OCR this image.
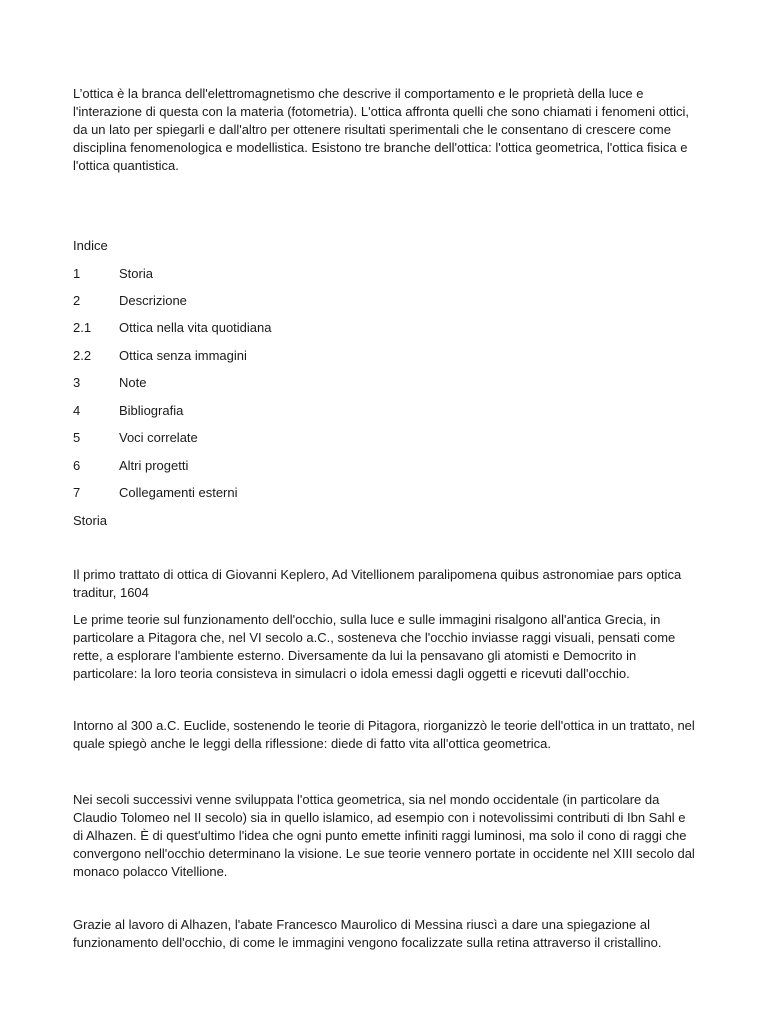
L’ottica è la branca dell'elettromagnetismo che descrive il comportamento e le proprietà della luce e l'interazione di questa con la materia (fotometria). L'ottica affronta quelli che sono chiamati i fenomeni ottici, da un lato per spiegarli e dall'altro per ottenere risultati sperimentali che le consentano di crescere come disciplina fenomenologica e modellistica. Esistono tre branche dell'ottica: l'ottica geometrica, l'ottica fisica e l'ottica quantistica.

Indice
1	Storia
2	Descrizione
2.1 Ottica nella vita quotidiana
2.2 Ottica senza immagini
3	Note
4	Bibliografia
5	Voci correlate
6	Altri progetti
7	Collegamenti esterni
Storia

Il primo trattato di ottica di Giovanni Keplero, Ad Vitellionem paralipomena quibus astronomiae pars optica traditur, 1604

Le prime teorie sul funzionamento dell'occhio, sulla luce e sulle immagini risalgono all'antica Grecia, in particolare a Pitagora che, nel VI secolo a.C., sosteneva che l'occhio inviasse raggi visuali, pensati come rette, a esplorare l'ambiente esterno. Diversamente da lui la pensavano gli atomisti e Democrito in particolare: la loro teoria consisteva in simulacri o idola emessi dagli oggetti e ricevuti dall'occhio.

Intorno al 300 a.C. Euclide, sostenendo le teorie di Pitagora, riorganizzò le teorie dell'ottica in un trattato, nel quale spiegò anche le leggi della riflessione: diede di fatto vita all'ottica geometrica.

Nei secoli successivi venne sviluppata l'ottica geometrica, sia nel mondo occidentale (in particolare da Claudio Tolomeo nel II secolo) sia in quello islamico, ad esempio con i notevolissimi contributi di Ibn Sahl e di Alhazen. È di quest'ultimo l'idea che ogni punto emette infiniti raggi luminosi, ma solo il cono di raggi che convergono nell'occhio determinano la visione. Le sue teorie vennero portate in occidente nel XIII secolo dal monaco polacco Vitellione.

Grazie al lavoro di Alhazen, l'abate Francesco Maurolico di Messina riuscì a dare una spiegazione al funzionamento dell'occhio, di come le immagini vengono focalizzate sulla retina attraverso il cristallino.
